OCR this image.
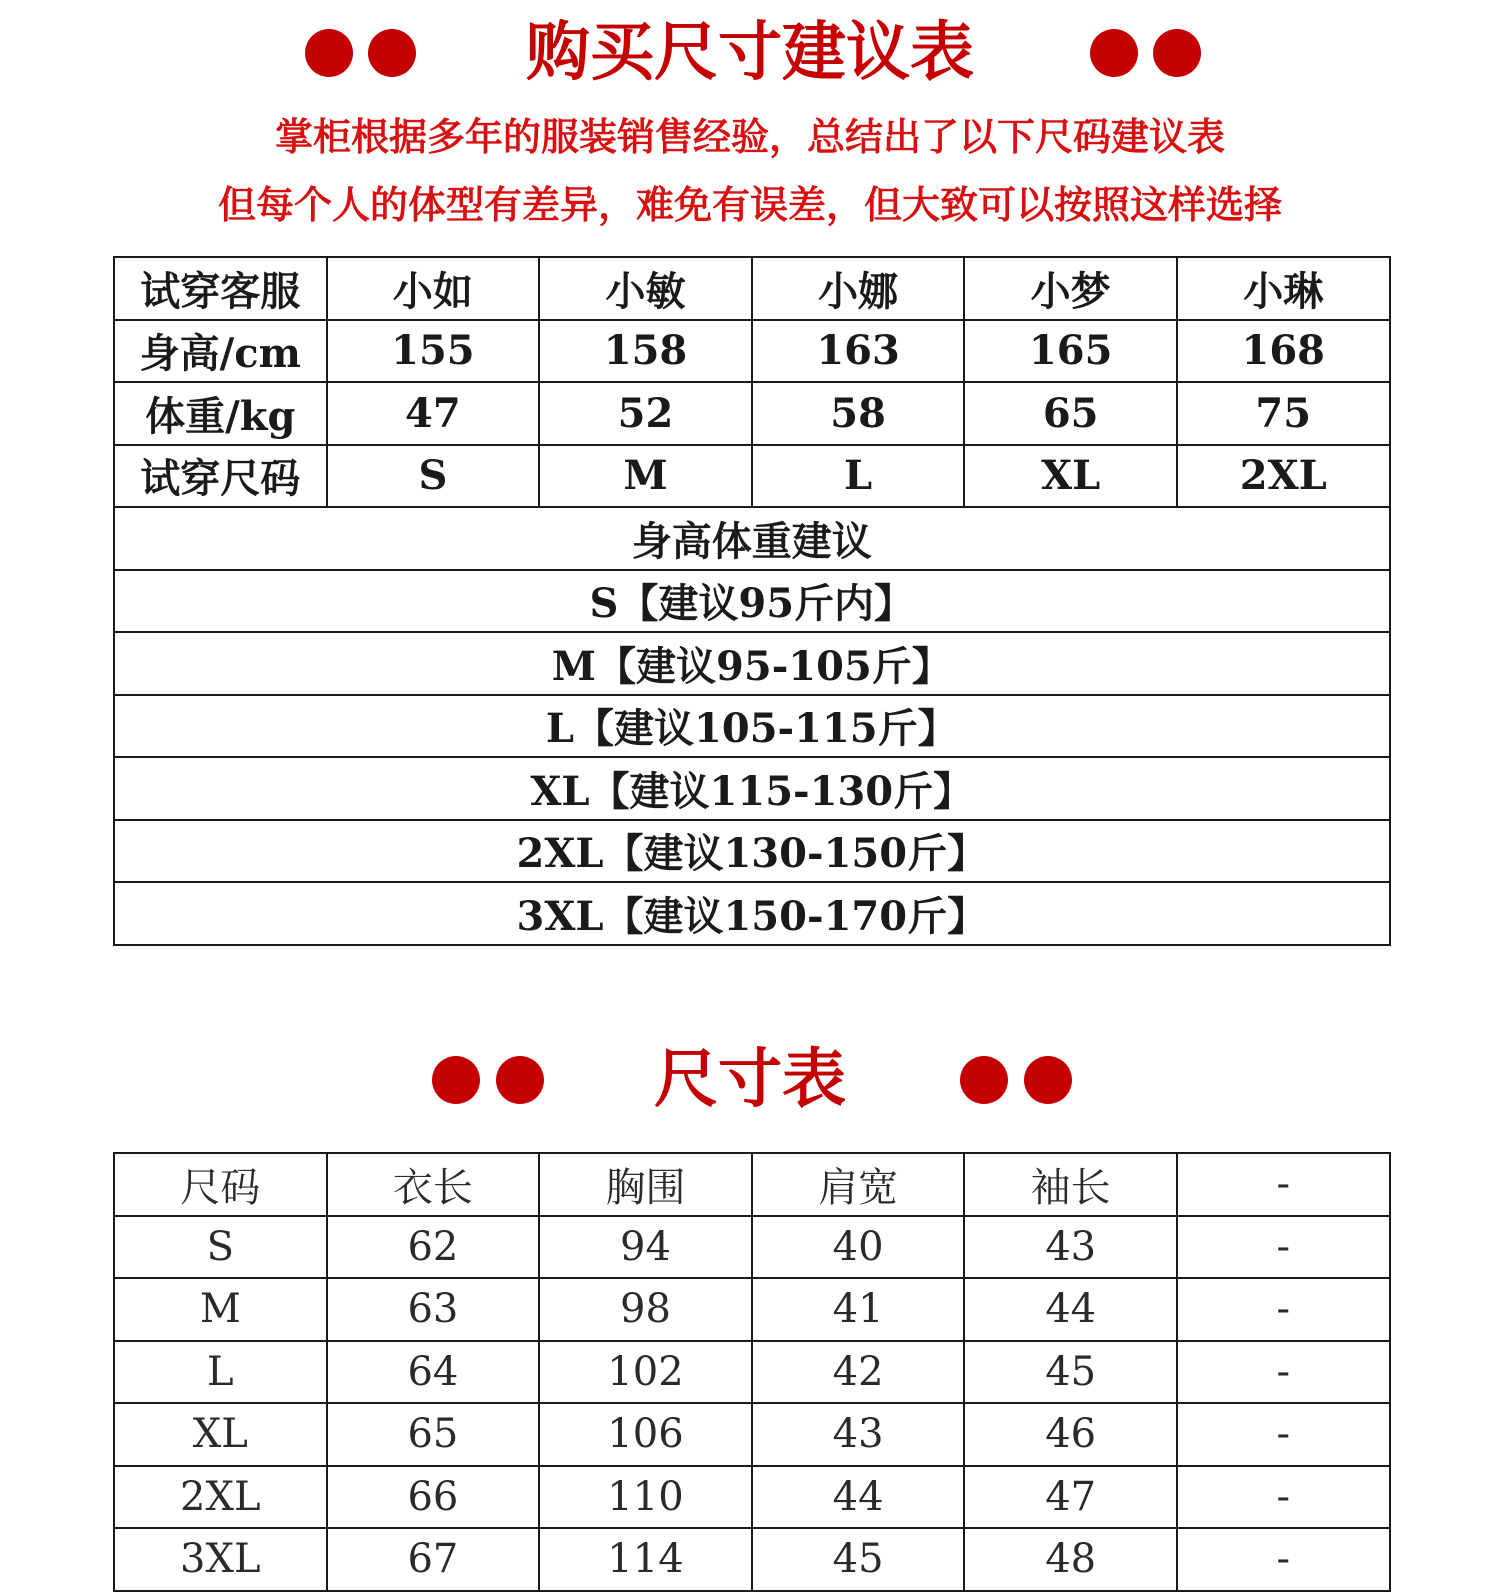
购买尺寸建议表
掌柜根据多年的服装销售经验，总结出了以下尺码建议表
但每个人的体型有差异，难免有误差，但大致可以按照这样选择
试穿客服	小如	小敏	小娜	小梦	小琳
身高/cm	155	158	163	165	168
体重/kg	47	52	58	65	75
试穿尺码	S	M	L	XL	2XL
身高体重建议					
S【建议95斤内】					
M【建议95-105斤】					
L【建议105-115斤】					
XL【建议115-130斤】					
2XL【建议130-150斤】					
3XL【建议150-170斤】					
尺寸表
尺码	衣长	胸围	肩宽	袖长	-
S	62	94	40	43	-
M	63	98	41	44	-
L	64	102	42	45	-
XL	65	106	43	46	-
2XL	66	110	44	47	-
3XL	67	114	45	48	-
